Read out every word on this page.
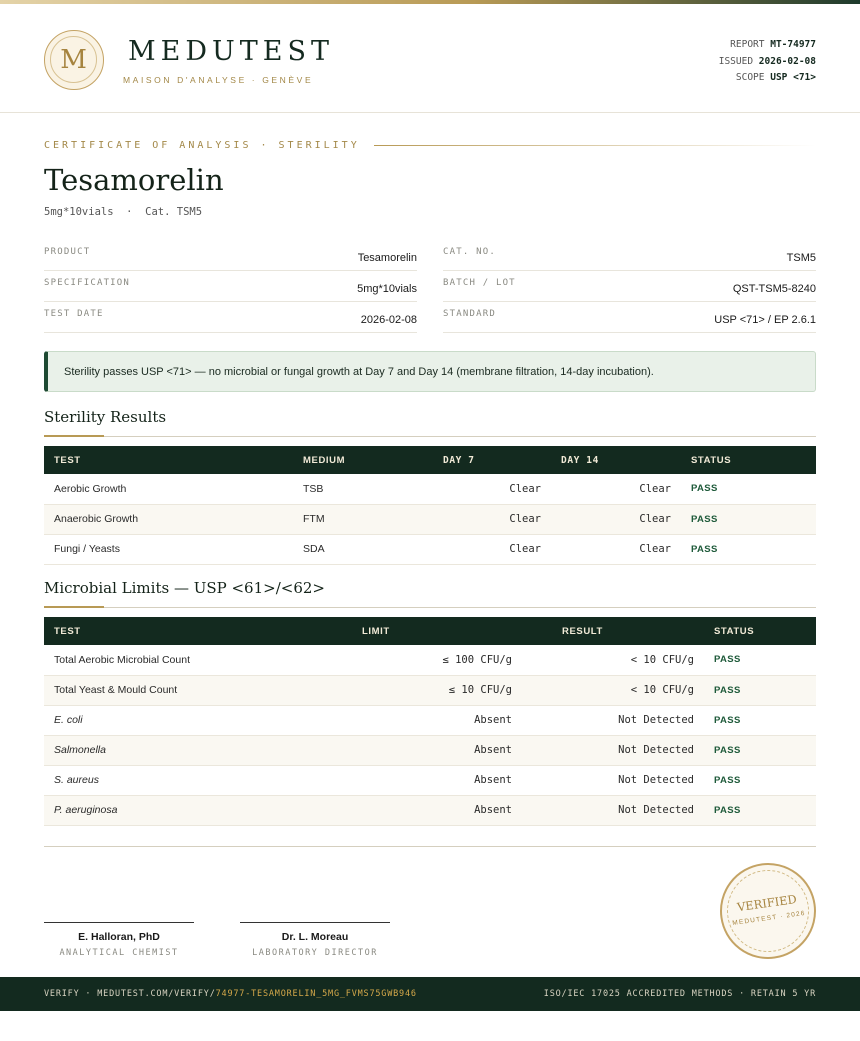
M	MEDUTEST
MAISON D'ANALYSE · GENÈVE
REPORT MT-74977
ISSUED 2026-02-08
SCOPE USP <71>
CERTIFICATE OF ANALYSIS · STERILITY
Tesamorelin
5mg*10vials  ·  Cat. TSM5
PRODUCT	Tesamorelin
SPECIFICATION	5mg*10vials
TEST DATE	2026-02-08
CAT. NO.	TSM5
BATCH / LOT	QST-TSM5-8240
STANDARD	USP <71> / EP 2.6.1
Sterility passes USP <71> — no microbial or fungal growth at Day 7 and Day 14 (membrane filtration, 14-day incubation).
Sterility Results
TEST	MEDIUM	DAY 7	DAY 14	STATUS
Aerobic Growth	TSB	Clear	Clear	PASS
Anaerobic Growth	FTM	Clear	Clear	PASS
Fungi / Yeasts	SDA	Clear	Clear	PASS
Microbial Limits — USP <61>/<62>
TEST	LIMIT	RESULT	STATUS
Total Aerobic Microbial Count	≤ 100 CFU/g	< 10 CFU/g	PASS
Total Yeast & Mould Count	≤ 10 CFU/g	< 10 CFU/g	PASS
E. coli	Absent	Not Detected	PASS
Salmonella	Absent	Not Detected	PASS
S. aureus	Absent	Not Detected	PASS
P. aeruginosa	Absent	Not Detected	PASS
E. Halloran, PhD
ANALYTICAL CHEMIST
Dr. L. Moreau
LABORATORY DIRECTOR
VERIFIED
MEDUTEST · 2026
VERIFY · MEDUTEST.COM/VERIFY/74977-TESAMORELIN_5MG_FVMS75GWB946	ISO/IEC 17025 ACCREDITED METHODS · RETAIN 5 YR
